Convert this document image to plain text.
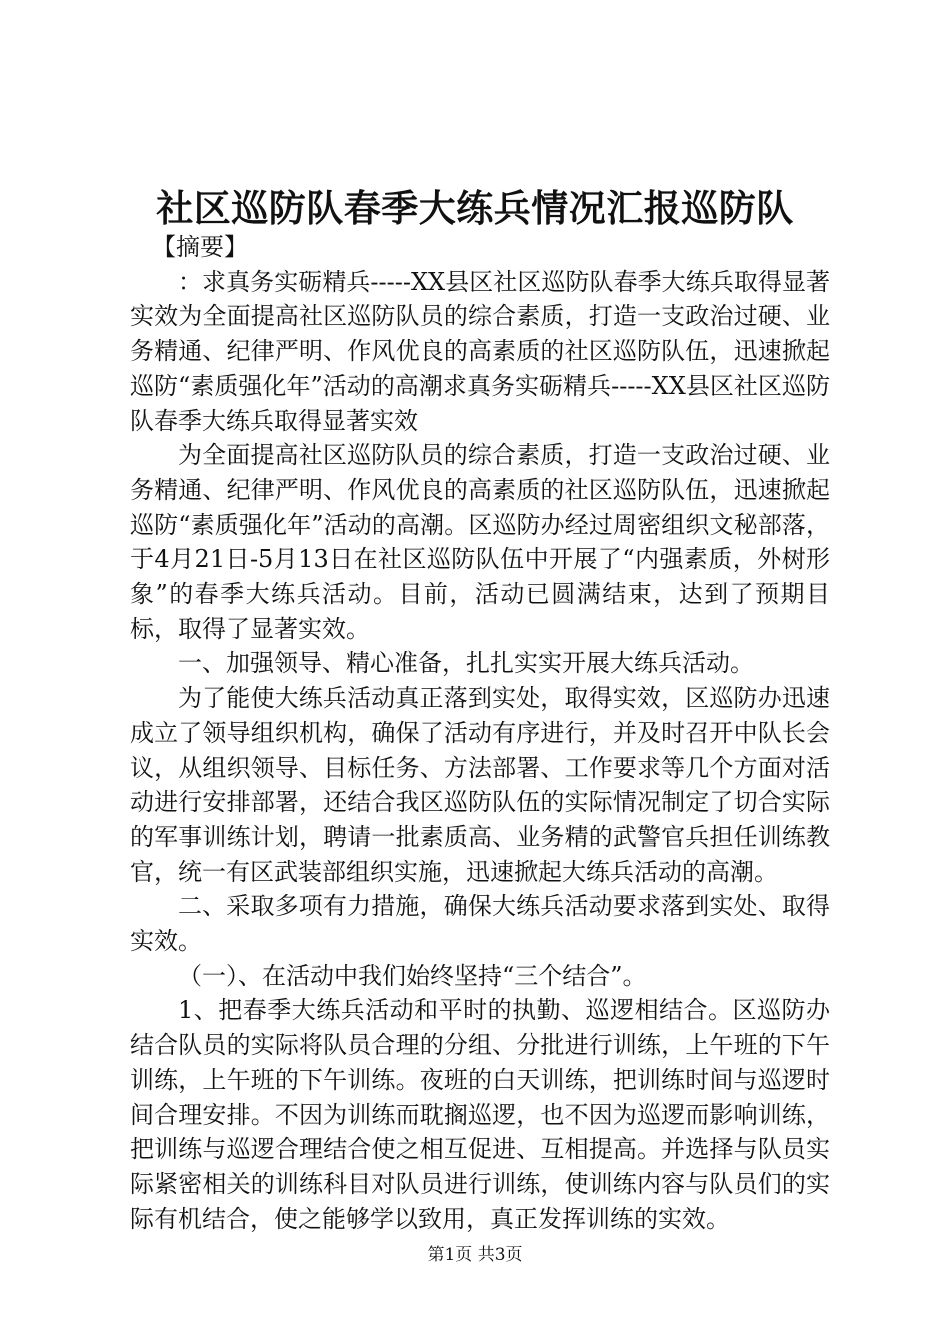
社区巡防队春季大练兵情况汇报巡防队

【摘要】

：求真务实砺精兵-----XX县区社区巡防队春季大练兵取得显著实效为全面提高社区巡防队员的综合素质，打造一支政治过硬、业务精通、纪律严明、作风优良的高素质的社区巡防队伍，迅速掀起巡防“素质强化年”活动的高潮求真务实砺精兵-----XX县区社区巡防队春季大练兵取得显著实效

为全面提高社区巡防队员的综合素质，打造一支政治过硬、业务精通、纪律严明、作风优良的高素质的社区巡防队伍，迅速掀起巡防“素质强化年”活动的高潮。区巡防办经过周密组织文秘部落，于4月21日-5月13日在社区巡防队伍中开展了“内强素质，外树形象”的春季大练兵活动。目前，活动已圆满结束，达到了预期目标，取得了显著实效。

一、加强领导、精心准备，扎扎实实开展大练兵活动。

为了能使大练兵活动真正落到实处，取得实效，区巡防办迅速成立了领导组织机构，确保了活动有序进行，并及时召开中队长会议，从组织领导、目标任务、方法部署、工作要求等几个方面对活动进行安排部署，还结合我区巡防队伍的实际情况制定了切合实际的军事训练计划，聘请一批素质高、业务精的武警官兵担任训练教官，统一有区武装部组织实施，迅速掀起大练兵活动的高潮。

二、采取多项有力措施，确保大练兵活动要求落到实处、取得实效。

（一）、在活动中我们始终坚持“三个结合”。

1、把春季大练兵活动和平时的执勤、巡逻相结合。区巡防办结合队员的实际将队员合理的分组、分批进行训练，上午班的下午训练，上午班的下午训练。夜班的白天训练，把训练时间与巡逻时间合理安排。不因为训练而耽搁巡逻，也不因为巡逻而影响训练，把训练与巡逻合理结合使之相互促进、互相提高。并选择与队员实际紧密相关的训练科目对队员进行训练，使训练内容与队员们的实际有机结合，使之能够学以致用，真正发挥训练的实效。

第1页 共3页
